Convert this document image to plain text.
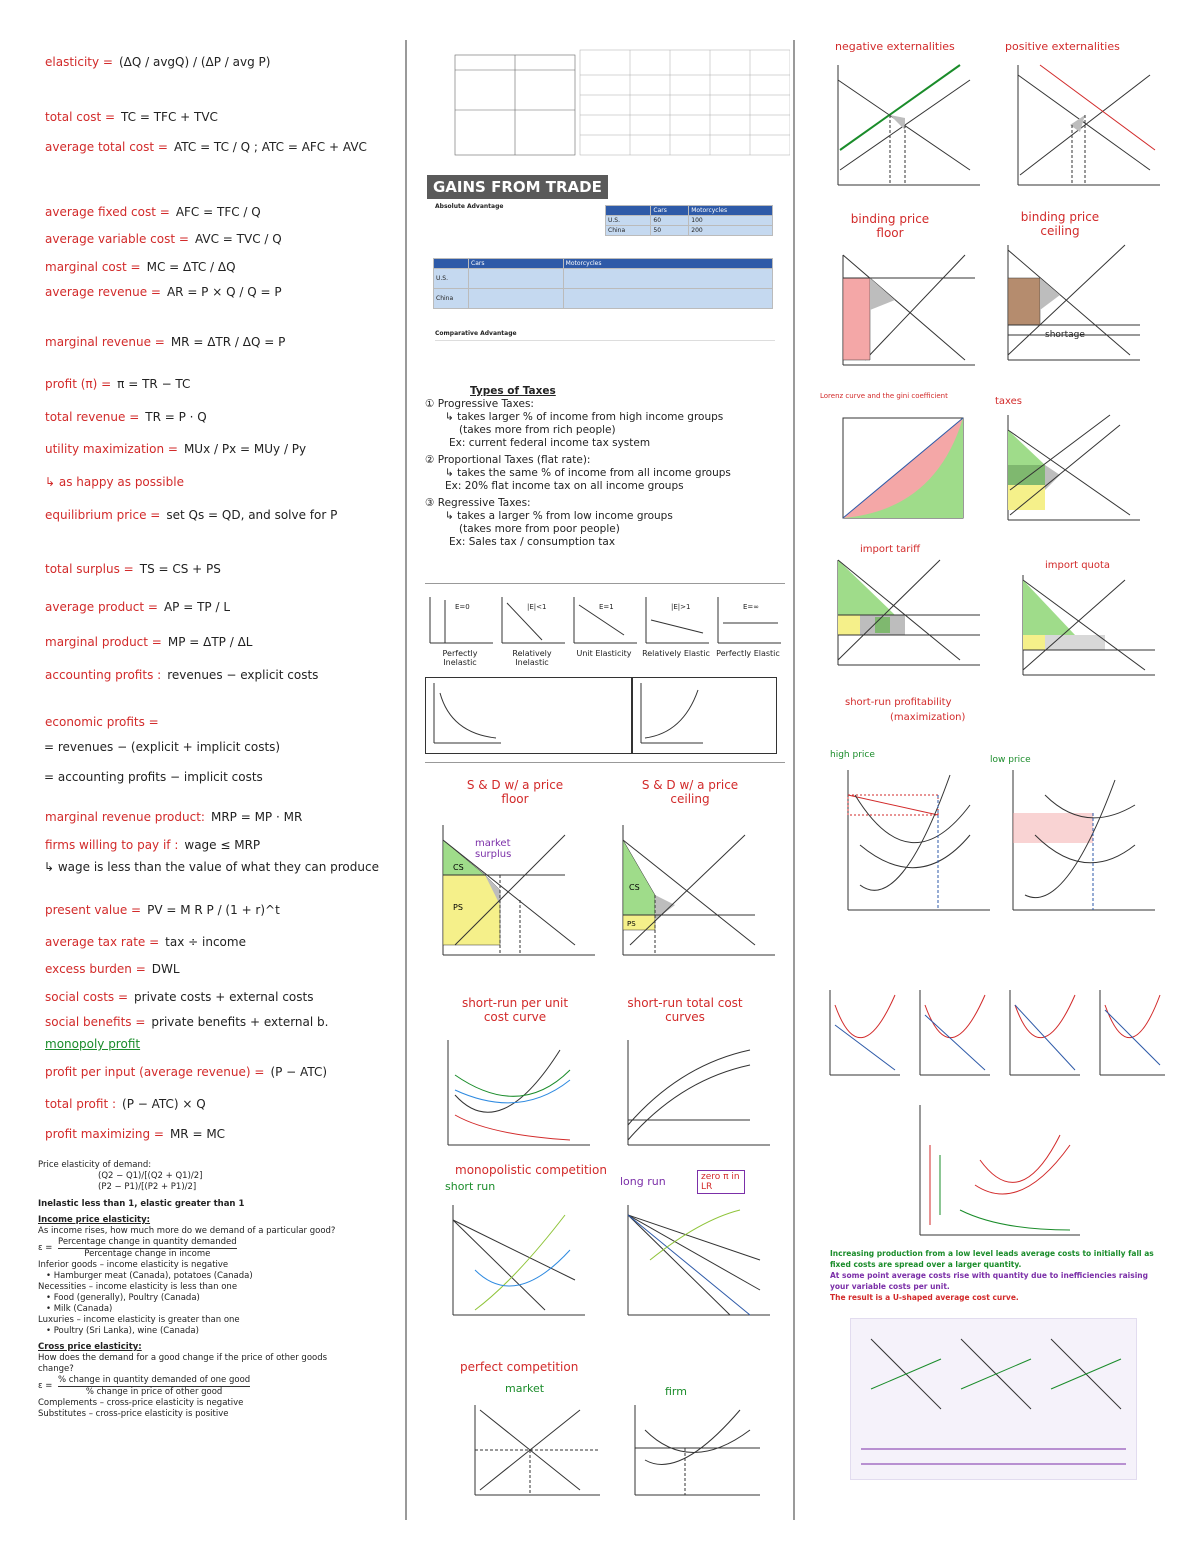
elasticity = (ΔQ / avgQ) / (ΔP / avg P)
total cost = TC = TFC + TVC
average total cost = ATC = TC / Q ; ATC = AFC + AVC
average fixed cost = AFC = TFC / Q
average variable cost = AVC = TVC / Q
marginal cost = MC = ΔTC / ΔQ
average revenue = AR = P × Q / Q = P
marginal revenue = MR = ΔTR / ΔQ = P
profit (π) = π = TR − TC
total revenue = TR = P · Q
utility maximization = MUx / Px = MUy / Py
↳ as happy as possible
equilibrium price = set Qs = QD, and solve for P
total surplus = TS = CS + PS
average product = AP = TP / L
marginal product = MP = ΔTP / ΔL
accounting profits : revenues − explicit costs
economic profits =
= revenues − (explicit + implicit costs)
= accounting profits − implicit costs
marginal revenue product: MRP = MP · MR
firms willing to pay if : wage ≤ MRP
↳ wage is less than the value of what they can produce
present value = PV = M R P / (1 + r)^t
average tax rate = tax ÷ income
excess burden = DWL
social costs = private costs + external costs
social benefits = private benefits + external b.
monopoly profit
profit per input (average revenue) = (P − ATC)
total profit : (P − ATC) × Q
profit maximizing = MR = MC
Price elasticity of demand:
(Q2 − Q1)/[(Q2 + Q1)/2]
(P2 − P1)/[(P2 + P1)/2]
Inelastic less than 1, elastic greater than 1
Income price elasticity:
As income rises, how much more do we demand of a particular good?
ε =
Percentage change in quantity demanded
Percentage change in income
Inferior goods – income elasticity is negative
• Hamburger meat (Canada), potatoes (Canada)
Necessities – income elasticity is less than one
• Food (generally), Poultry (Canada)
• Milk (Canada)
Luxuries – income elasticity is greater than one
• Poultry (Sri Lanka), wine (Canada)
Cross price elasticity:
How does the demand for a good change if the price of other goods change?
ε =
% change in quantity demanded of one good
% change in price of other good
Complements – cross-price elasticity is negative
Substitutes – cross-price elasticity is positive
GAINS FROM TRADE
Absolute Advantage
	Cars	Motorcycles
U.S.	60	100
China	50	200
	Cars	Motorcycles
U.S.		
China		
Comparative Advantage
Types of Taxes
① Progressive Taxes:
↳ takes larger % of income from high income groups
(takes more from rich people)
Ex: current federal income tax system
② Proportional Taxes (flat rate):
↳ takes the same % of income from all income groups
Ex: 20% flat income tax on all income groups
③ Regressive Taxes:
↳ takes a larger % from low income groups
(takes more from poor people)
Ex: Sales tax / consumption tax
E=0
Perfectly Inelastic
|E|<1
Relatively Inelastic
E=1
Unit Elasticity
|E|>1
Relatively Elastic
E=∞
Perfectly Elastic
S & D w/ a price floor
S & D w/ a price ceiling
CS
PS
market surplus
CS
PS
short-run per unit cost curve
short-run total cost curves
monopolistic competition
short run	long run	zero π in LR
perfect competition
market	firm
negative externalities	positive externalities
binding price floor
binding price ceiling
shortage
Lorenz curve and the gini coefficient	taxes
import tariff
import quota
short-run profitability
(maximization)
high price	low price
Increasing production from a low level leads average costs to initially fall as fixed costs are spread over a larger quantity.
At some point average costs rise with quantity due to inefficiencies raising your variable costs per unit.
The result is a U-shaped average cost curve.
